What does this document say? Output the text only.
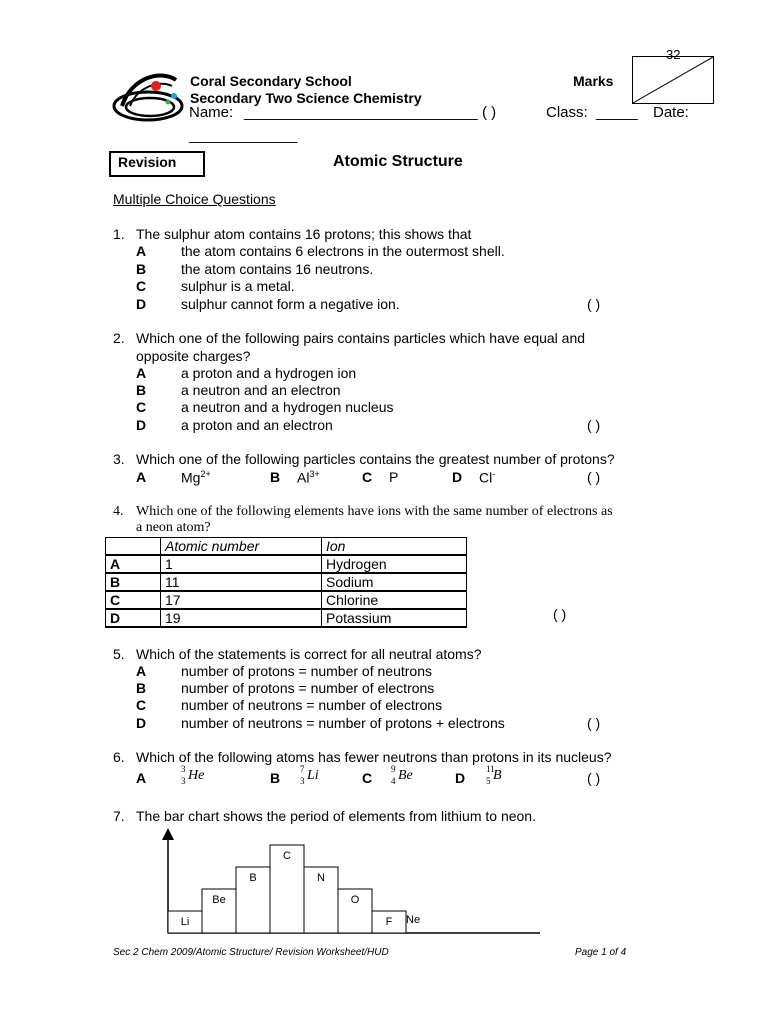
Coral Secondary School
Secondary Two Science Chemistry
Marks
32
Name: ____________________________ ( )	Class: _____ Date:
_____________
Revision	Atomic Structure
Multiple Choice Questions
1. The sulphur atom contains 16 protons; this shows that
A the atom contains 6 electrons in the outermost shell.
B the atom contains 16 neutrons.
C sulphur is a metal.
D sulphur cannot form a negative ion.	( )
2. Which one of the following pairs contains particles which have equal and
opposite charges?
A a proton and a hydrogen ion
B a neutron and an electron
C a neutron and a hydrogen nucleus
D a proton and an electron	( )
3. Which one of the following particles contains the greatest number of protons?
A $Mg^{2+}$	B $Al^{3+}$	C P	D Cl-	( )
4. Which one of the following elements have ions with the same number of electrons as
a neon atom?
	Atomic number	Ion
A	1	Hydrogen
B	11	Sodium
C	17	Chlorine
D	19	Potassium	( )
5. Which of the statements is correct for all neutral atoms?
A number of protons = number of neutrons
B number of protons = number of electrons
C number of neutrons = number of electrons
D number of neutrons = number of protons + electrons	( )
6. Which of the following atoms has fewer neutrons than protons in its nucleus?
A
3
3 He	B
7
3 Li	C
9
4 Be	D
11
5 B	( )
7. The bar chart shows the period of elements from lithium to neon.
Li
Be
B
C
N
O
F Ne
Sec 2 Chem 2009/Atomic Structure/ Revision Worksheet/HUD	Page 1 of 4
